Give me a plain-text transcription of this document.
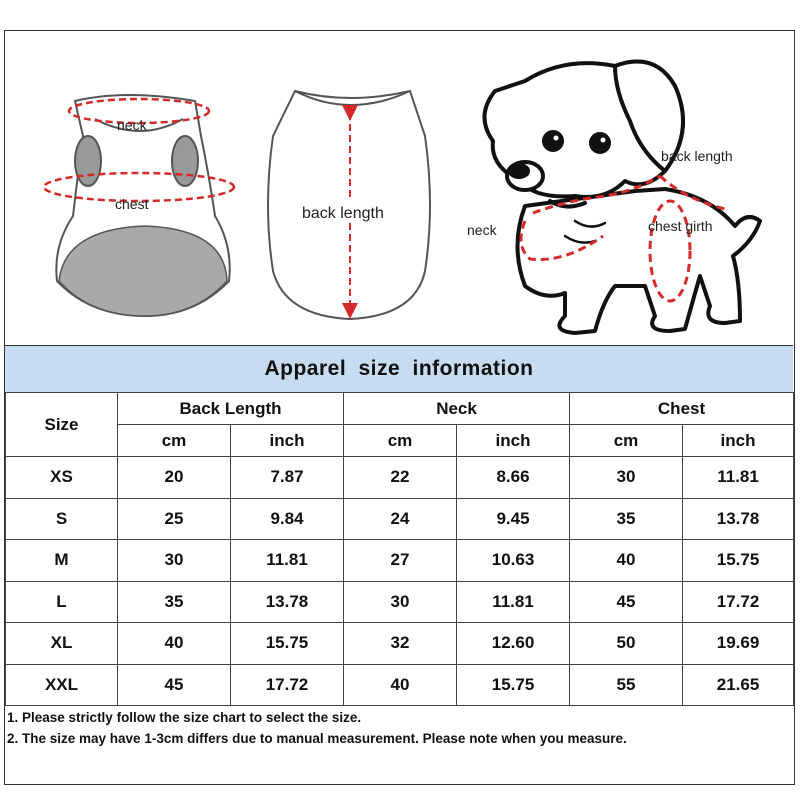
neck
chest
back length
back length
neck	chest girth
Apparel size information
Size	Back Length		Neck		Chest	
	cm	inch	cm	inch	cm	inch
XS	20	7.87	22	8.66	30	11.81
S	25	9.84	24	9.45	35	13.78
M	30	11.81	27	10.63	40	15.75
L	35	13.78	30	11.81	45	17.72
XL	40	15.75	32	12.60	50	19.69
XXL	45	17.72	40	15.75	55	21.65
1. Please strictly follow the size chart to select the size.
2. The size may have 1-3cm differs due to manual measurement. Please note when you measure.
